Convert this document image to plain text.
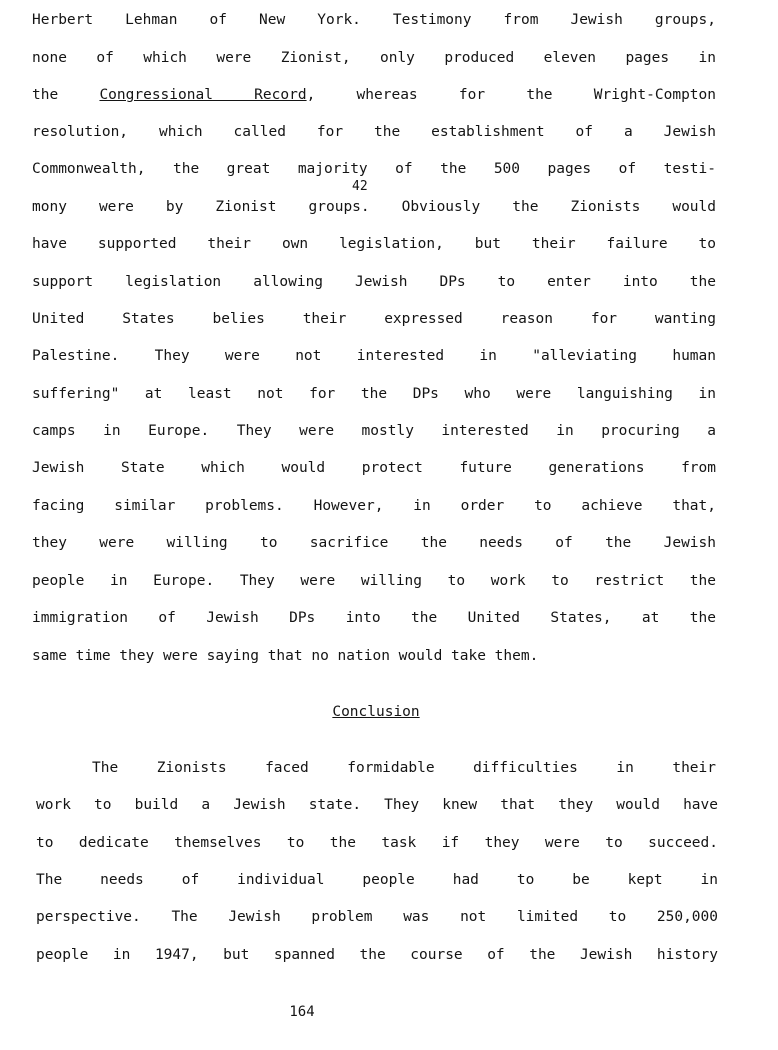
Herbert Lehman of New York. Testimony from Jewish groups,
none of which were Zionist, only produced eleven pages in
the	Congressional Record, whereas for the Wright-Compton
resolution, which called for the establishment of a Jewish
Commonwealth, the great majority of the 500 pages of testi-
42
mony were by Zionist groups. Obviously the Zionists would
have supported their own legislation, but their failure to
support legislation allowing Jewish DPs to enter into the
United States belies their expressed reason for wanting
Palestine. They were not interested in "alleviating human
suffering" at least not for the DPs who were languishing in
camps in Europe. They were mostly interested in procuring a
Jewish State which would protect future generations from
facing similar problems. However, in order to achieve that,
they were willing to sacrifice the needs of the Jewish
people in Europe. They were willing to work to restrict the
immigration of Jewish DPs into the United States, at the
same time they were saying that no nation would take them.
Conclusion
The Zionists faced formidable difficulties in their
work to build a Jewish state. They knew that they would have
to dedicate themselves to the task if they were to succeed.
The needs of individual people had to be kept in
perspective. The Jewish problem was not limited to 250,000
people in 1947, but spanned the course of the Jewish history
164
